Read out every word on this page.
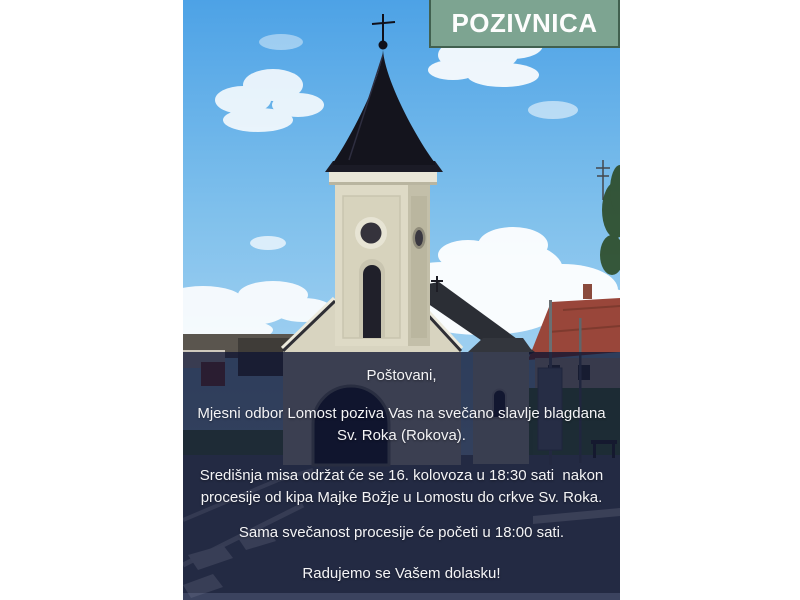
POZIVNICA
Poštovani,
Mjesni odbor Lomost poziva Vas na svečano slavlje blagdana
Sv. Roka (Rokova).
Središnja misa održat će se 16. kolovoza u 18:30 sati  nakon
procesije od kipa Majke Božje u Lomostu do crkve Sv. Roka.
Sama svečanost procesije će početi u 18:00 sati.
Radujemo se Vašem dolasku!
